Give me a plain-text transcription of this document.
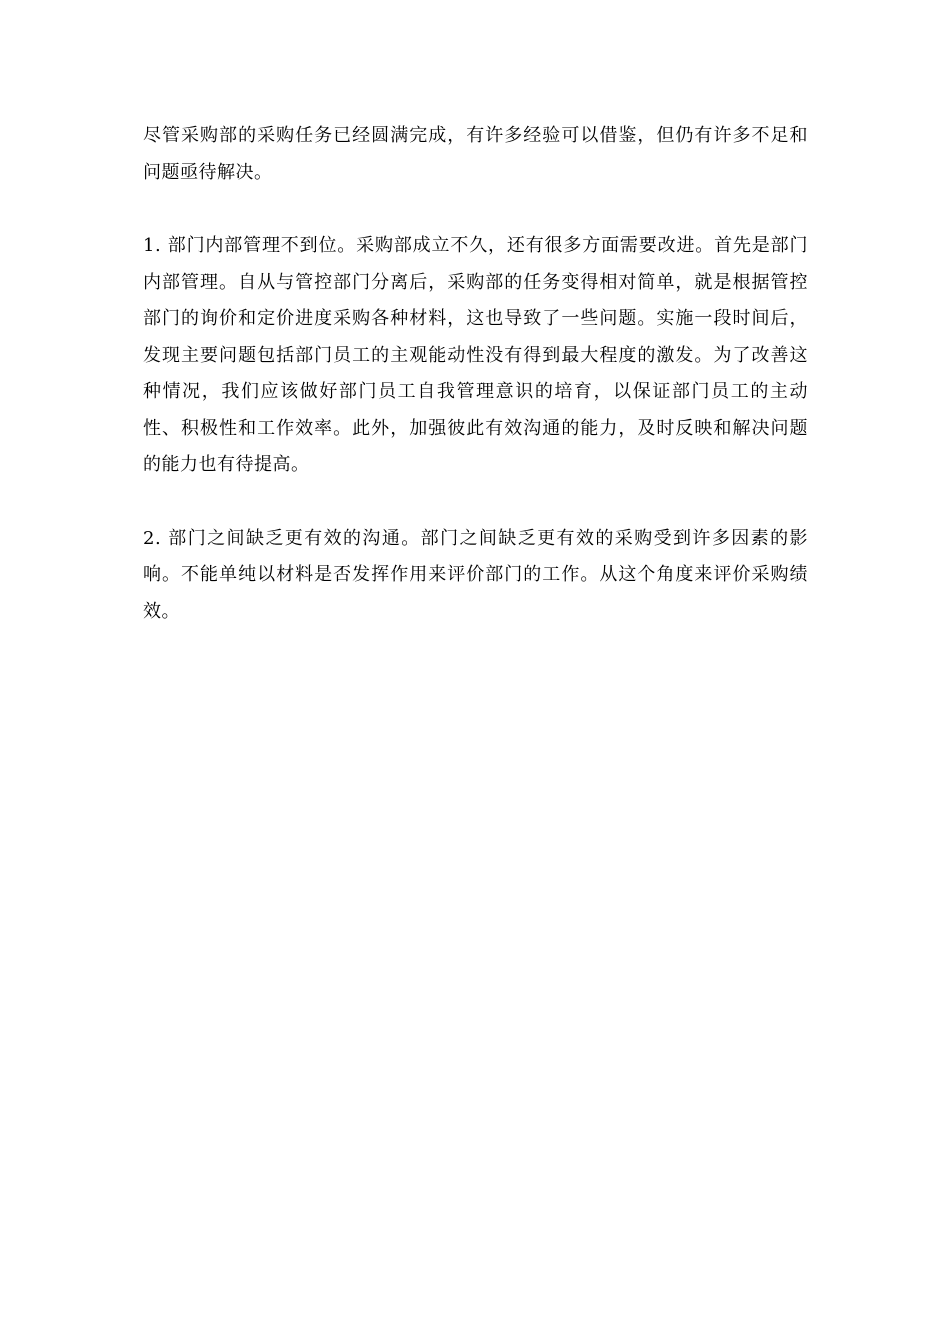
尽管采购部的采购任务已经圆满完成，有许多经验可以借鉴，但仍有许多不足和问题亟待解决。

1. 部门内部管理不到位。采购部成立不久，还有很多方面需要改进。首先是部门内部管理。自从与管控部门分离后，采购部的任务变得相对简单，就是根据管控部门的询价和定价进度采购各种材料，这也导致了一些问题。实施一段时间后，发现主要问题包括部门员工的主观能动性没有得到最大程度的激发。为了改善这种情况，我们应该做好部门员工自我管理意识的培育，以保证部门员工的主动性、积极性和工作效率。此外，加强彼此有效沟通的能力，及时反映和解决问题的能力也有待提高。

2. 部门之间缺乏更有效的沟通。部门之间缺乏更有效的采购受到许多因素的影响。不能单纯以材料是否发挥作用来评价部门的工作。从这个角度来评价采购绩效。
